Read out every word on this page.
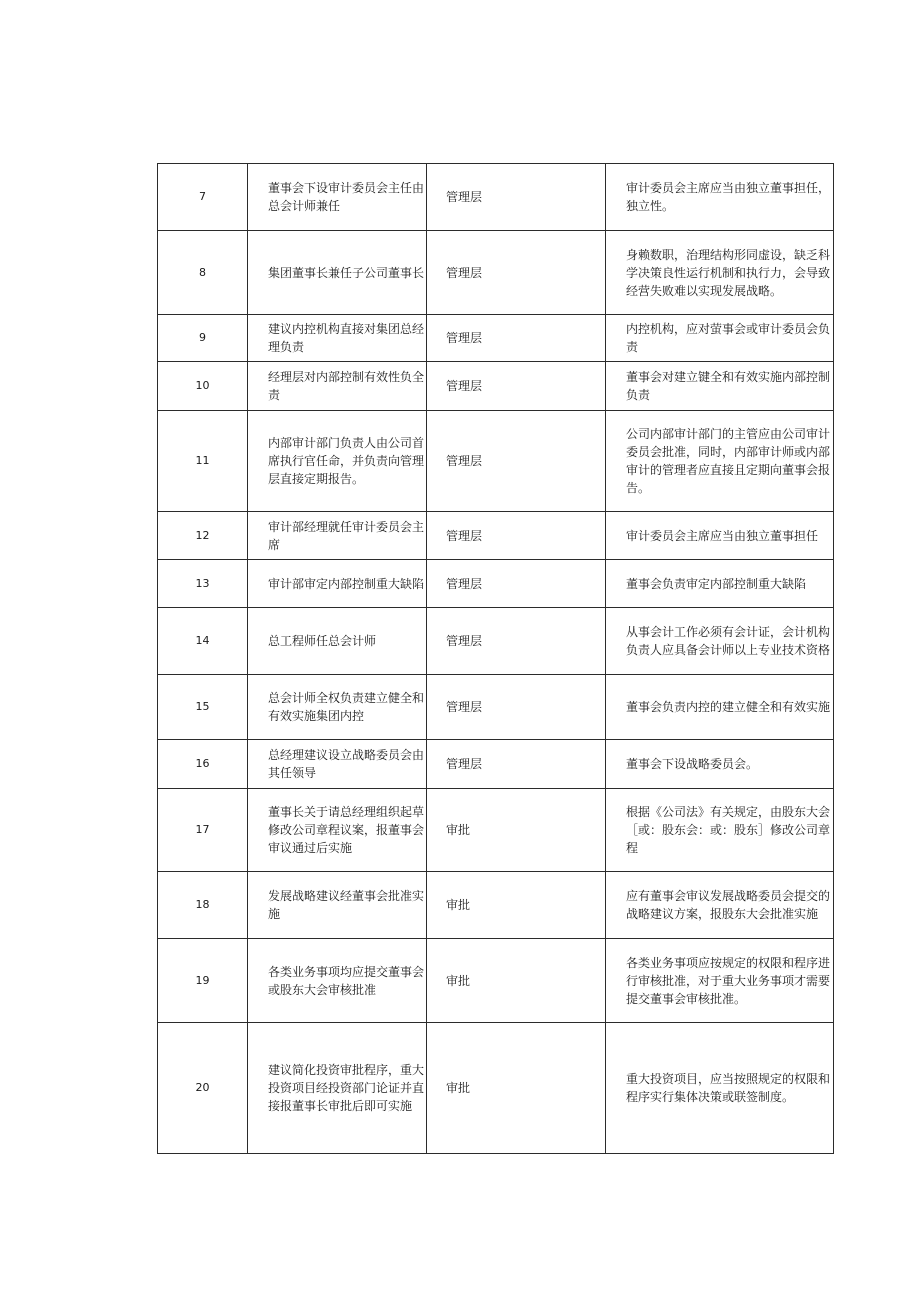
7	董事会下设审计委员会主任由总会计师兼任	管理层	审计委员会主席应当由独立董事担任，独立性。
8	集团董事长兼任子公司董事长	管理层	身赖数职，治理结构形同虚设，缺乏科学决策良性运行机制和执行力，会导致经营失败难以实现发展战略。
9	建议内控机构直接对集团总经理负责	管理层	内控机构，应对萤事会或审计委员会负责
10	经理层对内部控制有效性负全责	管理层	董事会对建立键全和有效实施内部控制负责
11	内部审计部门负责人由公司首席执行官任命，并负责向管理层直接定期报告。	管理层	公司内部审计部门的主管应由公司审计委员会批准，同时，内部审计师或内部审计的管理者应直接且定期向董事会报告。
12	审计部经理就任审计委员会主席	管理层	审计委员会主席应当由独立董事担任
13	审计部审定内部控制重大缺陷	管理层	董事会负责审定内部控制重大缺陷
14	总工程师任总会计师	管理层	从事会计工作必须有会计证，会计机构负责人应具备会计师以上专业技术资格
15	总会计师全权负责建立健全和有效实施集团内控	管理层	董事会负责内控的建立健全和有效实施
16	总经理建议设立战略委员会由其任领导	管理层	董事会下设战略委员会。
17	董事长关于请总经理组织起草修改公司章程议案，报董事会审议通过后实施	审批	根据《公司法》有关规定，由股东大会［或：股东会：或：股东］修改公司章程
18	发展战略建议经董事会批准实施	审批	应有董事会审议发展战略委员会提交的战略建议方案，报股东大会批准实施
19	各类业务事项均应提交董事会或股东大会审核批准	审批	各类业务事项应按规定的权限和程序进行审核批准，对于重大业务事项才需要提交董事会审核批准。
20	建议简化投资审批程序，重大投资项目经投资部门论证并直接报董事长审批后即可实施	审批	重大投资项目，应当按照规定的权限和程序实行集体决策或联签制度。
